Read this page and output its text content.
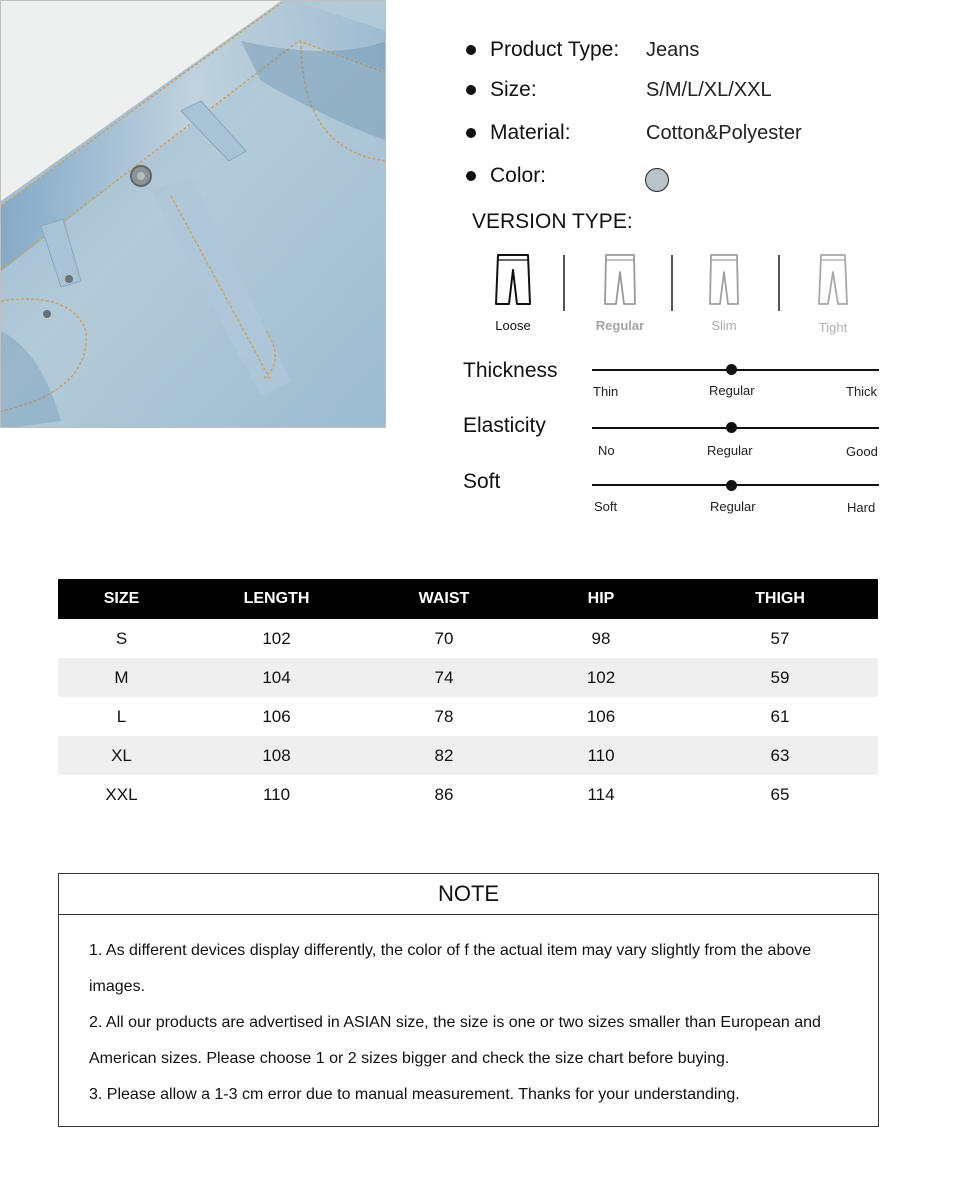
Product Type: Jeans
Size:	S/M/L/XL/XXL
Material:	Cotton&Polyester
Color:
VERSION TYPE:
Loose	Regular	Slim	Tight
Thickness
Thin	Regular	Thick
Elasticity
No	Regular	Good
Soft
Soft	Regular	Hard
SIZE	LENGTH	WAIST	HIP	THIGH
S	102	70	98	57
M	104	74	102	59
L	106	78	106	61
XL	108	82	110	63
XXL	110	86	114	65
NOTE

1. As different devices display differently, the color of f the actual item may vary slightly from the above images.

2. All our products are advertised in ASIAN size, the size is one or two sizes smaller than European and American sizes. Please choose 1 or 2 sizes bigger and check the size chart before buying.

3. Please allow a 1-3 cm error due to manual measurement. Thanks for your understanding.
